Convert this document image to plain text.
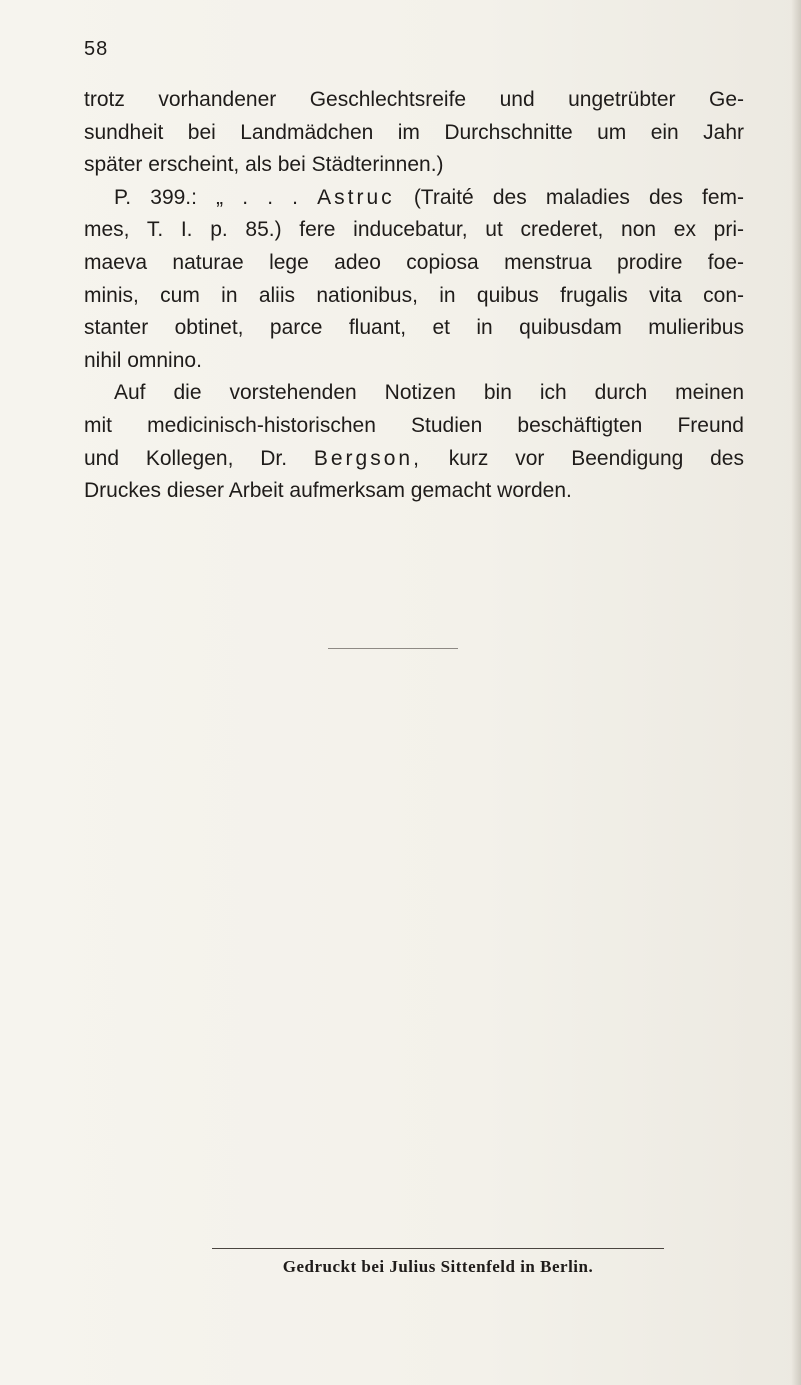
58
trotz vorhandener Geschlechtsreife und ungetrübter Ge-
sundheit bei Landmädchen im Durchschnitte um ein Jahr
später erscheint, als bei Städterinnen.)
P. 399.: „ . . . Astruc (Traité des maladies des fem-
mes, T. I. p. 85.) fere inducebatur, ut crederet, non ex pri-
maeva naturae lege adeo copiosa menstrua prodire foe-
minis, cum in aliis nationibus, in quibus frugalis vita con-
stanter obtinet, parce fluant, et in quibusdam mulieribus
nihil omnino.
Auf die vorstehenden Notizen bin ich durch meinen
mit medicinisch-historischen Studien beschäftigten Freund
und Kollegen, Dr. Bergson, kurz vor Beendigung des
Druckes dieser Arbeit aufmerksam gemacht worden.
Gedruckt bei Julius Sittenfeld in Berlin.
